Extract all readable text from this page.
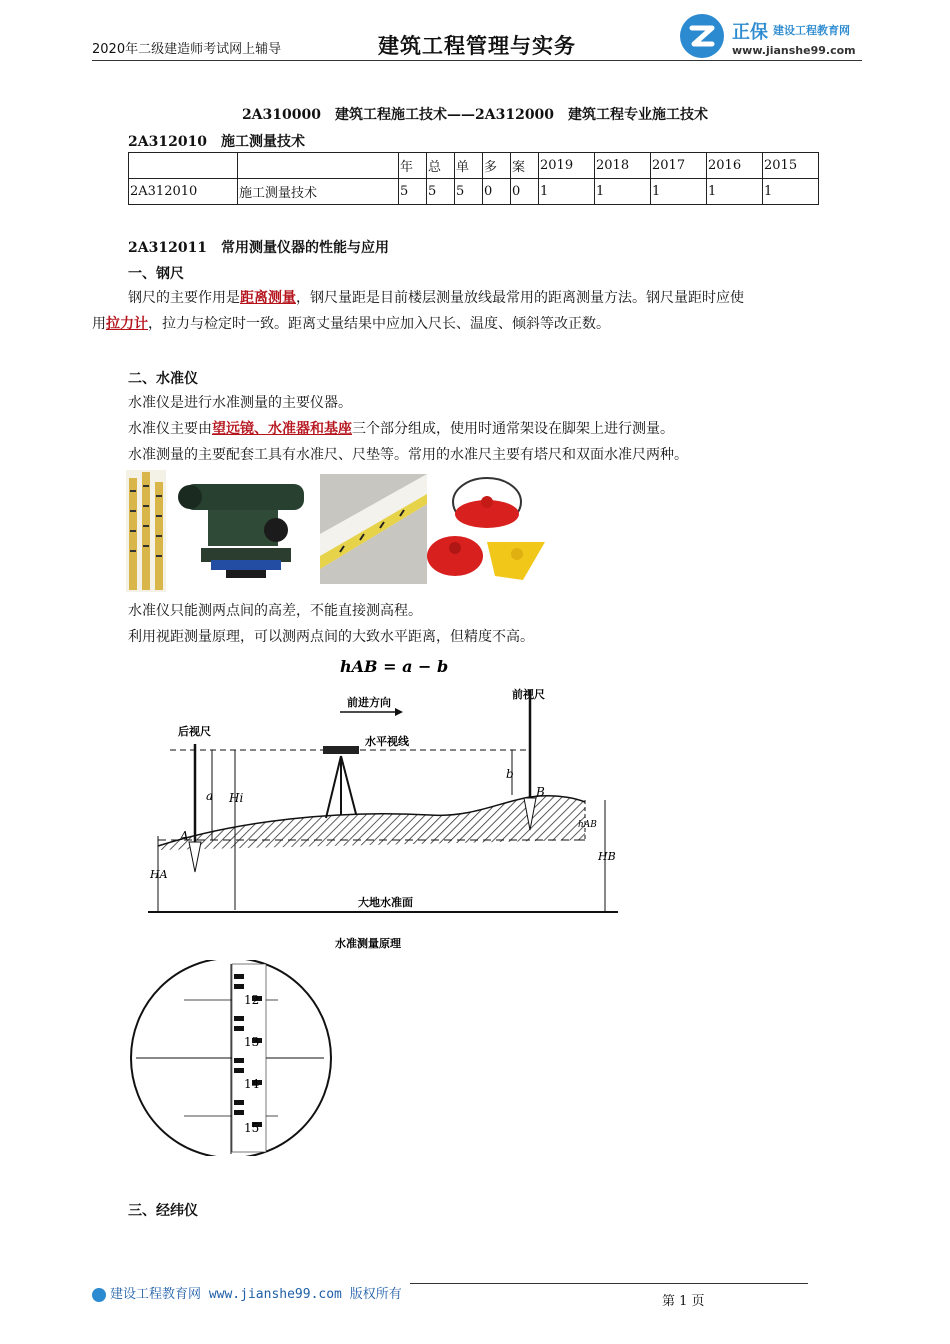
2020年二级建造师考试网上辅导	建筑工程管理与实务
正保 建设工程教育网
www.jianshe99.com
2A310000　建筑工程施工技术——2A312000　建筑工程专业施工技术
2A312010　施工测量技术
		年	总	单	多	案	2019	2018	2017	2016	2015
2A312010	施工测量技术	5	5	5	0	0	1	1	1	1	1
2A312011　常用测量仪器的性能与应用
一、钢尺
钢尺的主要作用是距离测量，钢尺量距是目前楼层测量放线最常用的距离测量方法。钢尺量距时应使
用拉力计，拉力与检定时一致。距离丈量结果中应加入尺长、温度、倾斜等改正数。
二、水准仪
水准仪是进行水准测量的主要仪器。
水准仪主要由望远镜、水准器和基座三个部分组成，使用时通常架设在脚架上进行测量。
水准测量的主要配套工具有水准尺、尺垫等。常用的水准尺主要有塔尺和双面水准尺两种。
水准仪只能测两点间的高差，不能直接测高程。
利用视距测量原理，可以测两点间的大致水平距离，但精度不高。
hAB = a − b
前进方向
前视尺
后视尺
水平视线
a Hi
b
A
B
HA
hAB
HB
大地水准面
水准测量原理
12
13
14
15
三、经纬仪
建设工程教育网 www.jianshe99.com 版权所有	第 1 页
